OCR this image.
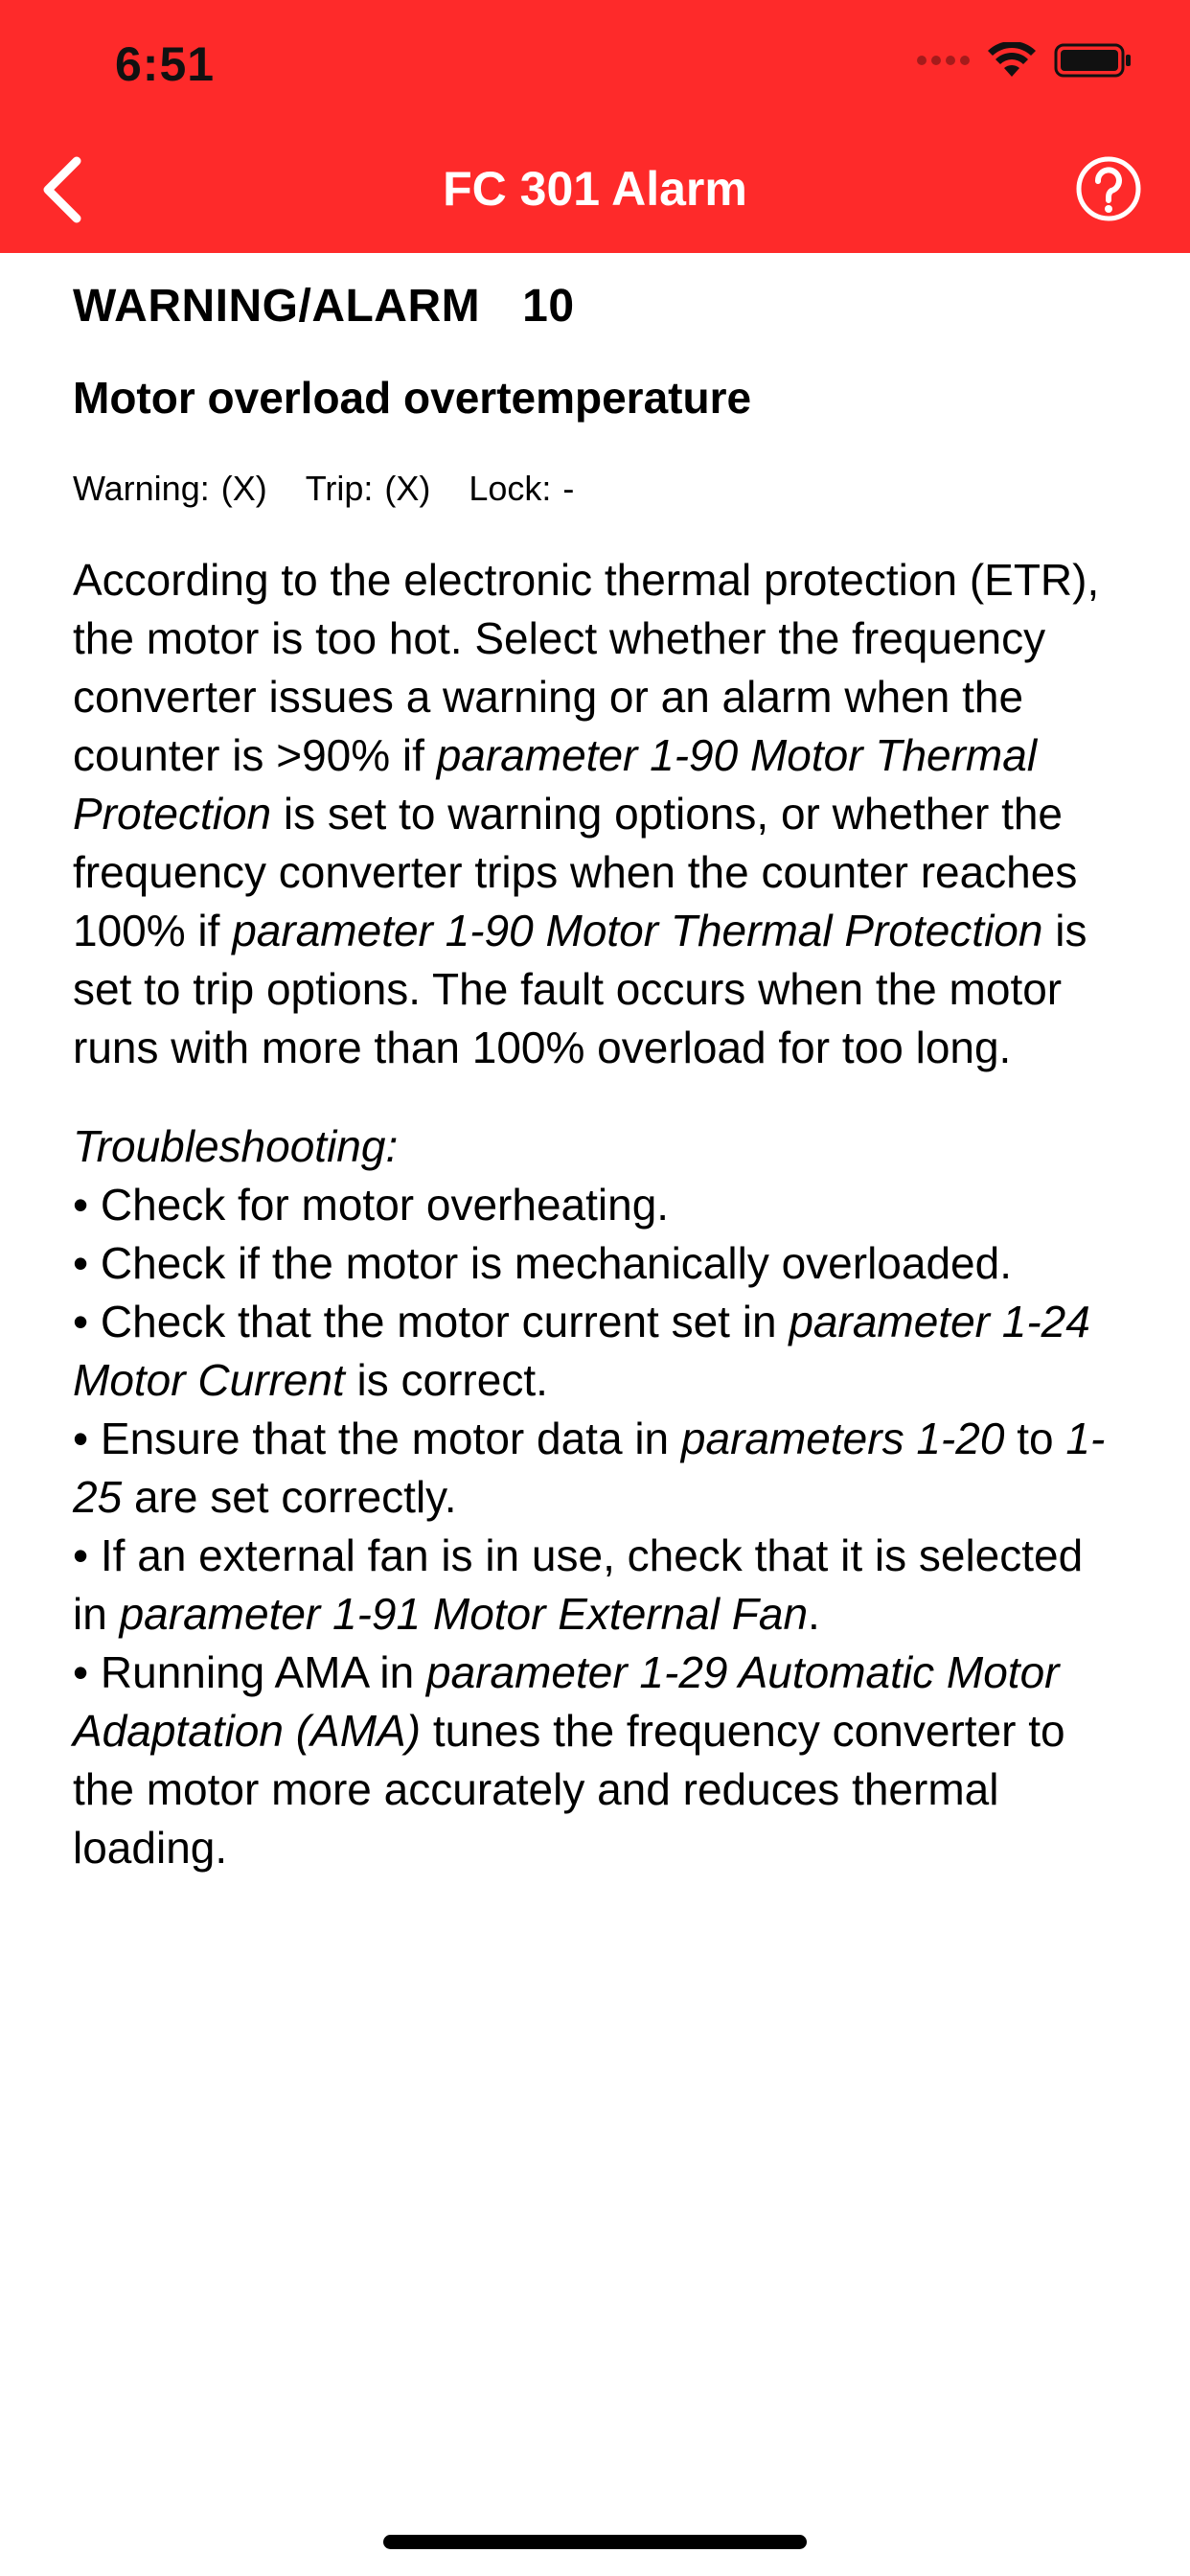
6:51
FC 301 Alarm
WARNING/ALARM 10
Motor overload overtemperature
Warning: (X) Trip: (X) Lock: -

According to the electronic thermal protection (ETR), the motor is too hot. Select whether the frequency converter issues a warning or an alarm when the counter is >90% if parameter 1-90 Motor Thermal Protection is set to warning options, or whether the frequency converter trips when the counter reaches 100% if parameter 1-90 Motor Thermal Protection is set to trip options. The fault occurs when the motor runs with more than 100% overload for too long.

Troubleshooting:
• Check for motor overheating.
• Check if the motor is mechanically overloaded.
• Check that the motor current set in parameter 1-24 Motor Current is correct.
• Ensure that the motor data in parameters 1-20 to 1-25 are set correctly.
• If an external fan is in use, check that it is selected in parameter 1-91 Motor External Fan.
• Running AMA in parameter 1-29 Automatic Motor Adaptation (AMA) tunes the frequency converter to the motor more accurately and reduces thermal loading.
